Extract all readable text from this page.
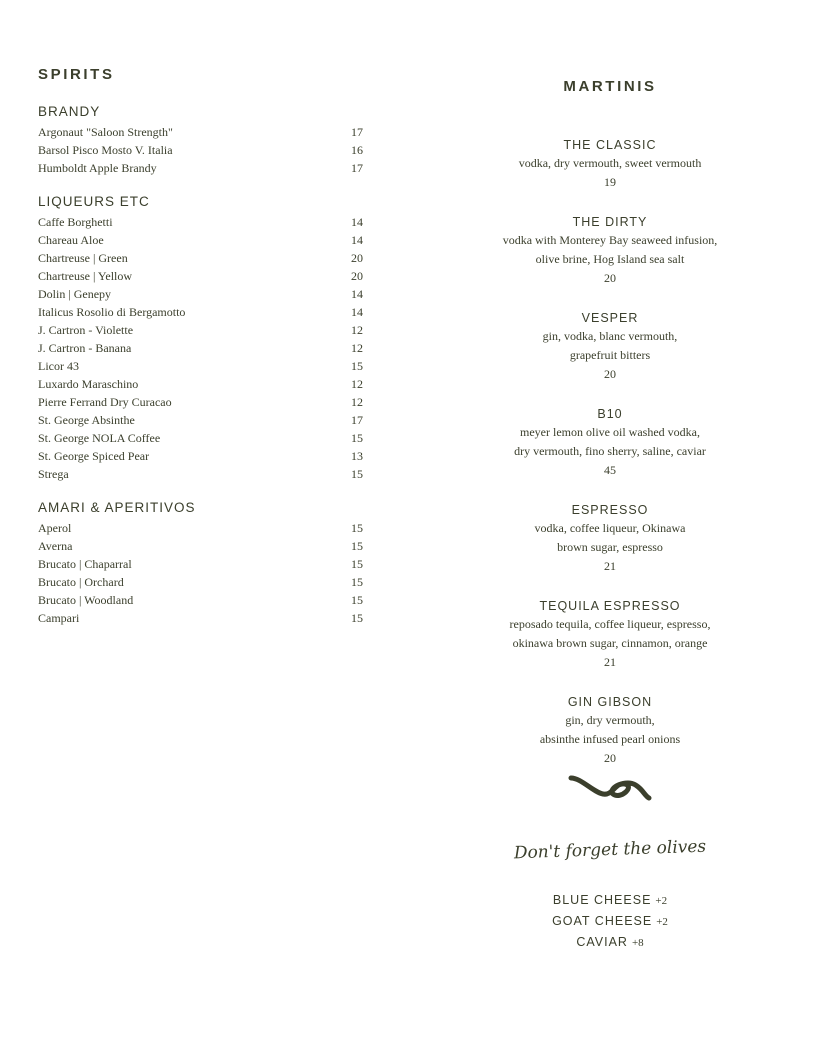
SPIRITS
BRANDY
Argonaut "Saloon Strength"	17
Barsol Pisco Mosto V. Italia	16
Humboldt Apple Brandy	17
LIQUEURS ETC
Caffe Borghetti	14
Chareau Aloe	14
Chartreuse | Green	20
Chartreuse | Yellow	20
Dolin | Genepy	14
Italicus Rosolio di Bergamotto	14
J. Cartron - Violette	12
J. Cartron - Banana	12
Licor 43	15
Luxardo Maraschino	12
Pierre Ferrand Dry Curacao	12
St. George Absinthe	17
St. George NOLA Coffee	15
St. George Spiced Pear	13
Strega	15
AMARI & APERITIVOS
Aperol	15
Averna	15
Brucato | Chaparral	15
Brucato | Orchard	15
Brucato | Woodland	15
Campari	15
MARTINIS
THE CLASSIC
vodka, dry vermouth, sweet vermouth
19
THE DIRTY
vodka with Monterey Bay seaweed infusion,
olive brine, Hog Island sea salt
20
VESPER
gin, vodka, blanc vermouth,
grapefruit bitters
20
B10
meyer lemon olive oil washed vodka,
dry vermouth, fino sherry, saline, caviar
45
ESPRESSO
vodka, coffee liqueur, Okinawa
brown sugar, espresso
21
TEQUILA ESPRESSO
reposado tequila, coffee liqueur, espresso,
okinawa brown sugar, cinnamon, orange
21
GIN GIBSON
gin, dry vermouth,
absinthe infused pearl onions
20
Don't forget the olives
BLUE CHEESE +2
GOAT CHEESE +2
CAVIAR +8
